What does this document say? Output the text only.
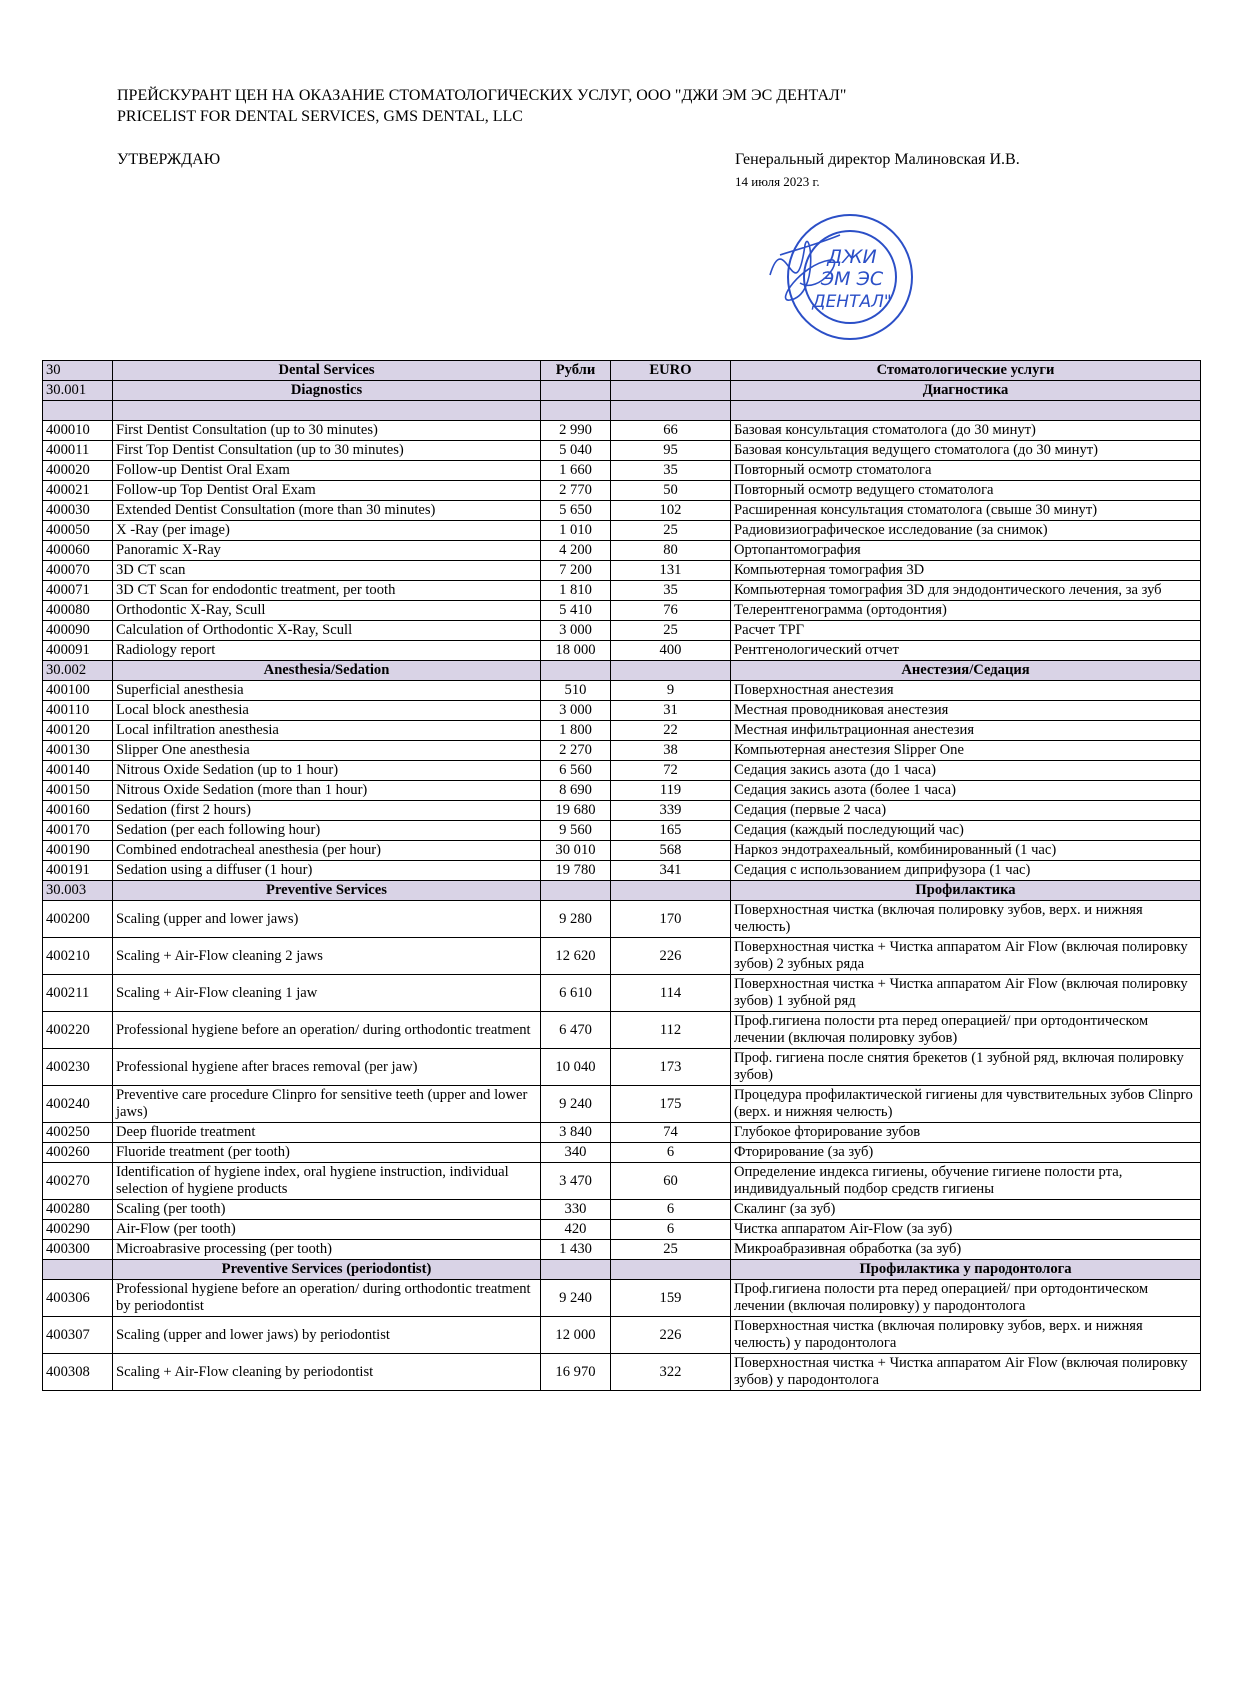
ПРЕЙСКУРАНТ ЦЕН НА ОКАЗАНИЕ СТОМАТОЛОГИЧЕСКИХ УСЛУГ, ООО "ДЖИ ЭМ ЭС ДЕНТАЛ"
PRICELIST FOR DENTAL SERVICES, GMS DENTAL, LLC
УТВЕРЖДАЮ	Генеральный директор Малиновская И.В.
14 июля 2023 г.
ДЖИ
ЭМ ЭС
ДЕНТАЛ"
30	Dental Services	Рубли	EURO	Стоматологические услуги
30.001	Diagnostics			Диагностика

400010	First Dentist Consultation (up to 30 minutes)	2 990	66	Базовая консультация стоматолога (до 30 минут)
400011	First Top Dentist Consultation (up to 30 minutes)	5 040	95	Базовая консультация ведущего стоматолога (до 30 минут)
400020	Follow-up Dentist Oral Exam	1 660	35	Повторный осмотр стоматолога
400021	Follow-up Top Dentist Oral Exam	2 770	50	Повторный осмотр ведущего стоматолога
400030	Extended Dentist Consultation (more than 30 minutes)	5 650	102	Расширенная консультация стоматолога (свыше 30 минут)
400050	X -Ray (per image)	1 010	25	Радиовизиографическое исследование (за снимок)
400060	Panoramic X-Ray	4 200	80	Ортопантомография
400070	3D CT scan	7 200	131	Компьютерная томография 3D
400071	3D CT Scan for endodontic treatment, per tooth	1 810	35	Компьютерная томография 3D для эндодонтического лечения, за зуб
400080	Orthodontic X-Ray, Scull	5 410	76	Телерентгенограмма (ортодонтия)
400090	Calculation of Orthodontic X-Ray, Scull	3 000	25	Расчет ТРГ
400091	Radiology report	18 000	400	Рентгенологический отчет
30.002	Anesthesia/Sedation			Анестезия/Седация
400100	Superficial anesthesia	510	9	Поверхностная анестезия
400110	Local block anesthesia	3 000	31	Местная проводниковая анестезия
400120	Local infiltration anesthesia	1 800	22	Местная инфильтрационная анестезия
400130	Slipper One anesthesia	2 270	38	Компьютерная анестезия Slipper One
400140	Nitrous Oxide Sedation (up to 1 hour)	6 560	72	Седация закись азота (до 1 часа)
400150	Nitrous Oxide Sedation (more than 1 hour)	8 690	119	Седация закись азота (более 1 часа)
400160	Sedation (first 2 hours)	19 680	339	Седация (первые 2 часа)
400170	Sedation (per each following hour)	9 560	165	Седация (каждый последующий час)
400190	Combined endotracheal anesthesia (per hour)	30 010	568	Наркоз эндотрахеальный, комбинированный (1 час)
400191	Sedation using a diffuser (1 hour)	19 780	341	Седация с использованием диприфузора (1 час)
30.003	Preventive Services			Профилактика
400200	Scaling (upper and lower jaws)	9 280	170	Поверхностная чистка (включая полировку зубов, верх. и нижняя челюсть)
400210	Scaling + Air-Flow cleaning 2 jaws	12 620	226	Поверхностная чистка + Чистка аппаратом Air Flow (включая полировку зубов) 2 зубных ряда
400211	Scaling + Air-Flow cleaning 1 jaw	6 610	114	Поверхностная чистка + Чистка аппаратом Air Flow (включая полировку зубов) 1 зубной ряд
400220	Professional hygiene before an operation/ during orthodontic treatment	6 470	112	Проф.гигиена полости рта перед операцией/ при ортодонтическом лечении (включая полировку зубов)
400230	Professional hygiene after braces removal (per jaw)	10 040	173	Проф. гигиена после снятия брекетов (1 зубной ряд, включая полировку зубов)
400240	Preventive care procedure Clinpro for sensitive teeth (upper and lower jaws)	9 240	175	Процедура профилактической гигиены для чувствительных зубов Clinpro (верх. и нижняя челюсть)
400250	Deep fluoride treatment	3 840	74	Глубокое фторирование зубов
400260	Fluoride treatment (per tooth)	340	6	Фторирование (за зуб)
400270	Identification of hygiene index, oral hygiene instruction, individual selection of hygiene products	3 470	60	Определение индекса гигиены, обучение гигиене полости рта, индивидуальный подбор средств гигиены
400280	Scaling (per tooth)	330	6	Скалинг (за зуб)
400290	Air-Flow (per tooth)	420	6	Чистка аппаратом Air-Flow (за зуб)
400300	Microabrasive processing (per tooth)	1 430	25	Микроабразивная обработка (за зуб)
	Preventive Services (periodontist)			Профилактика у пародонтолога
400306	Professional hygiene before an operation/ during orthodontic treatment by periodontist	9 240	159	Проф.гигиена полости рта перед операцией/ при ортодонтическом лечении (включая полировку) у пародонтолога
400307	Scaling (upper and lower jaws) by periodontist	12 000	226	Поверхностная чистка (включая полировку зубов, верх. и нижняя челюсть) у пародонтолога
400308	Scaling + Air-Flow cleaning by periodontist	16 970	322	Поверхностная чистка + Чистка аппаратом Air Flow (включая полировку зубов) у пародонтолога
